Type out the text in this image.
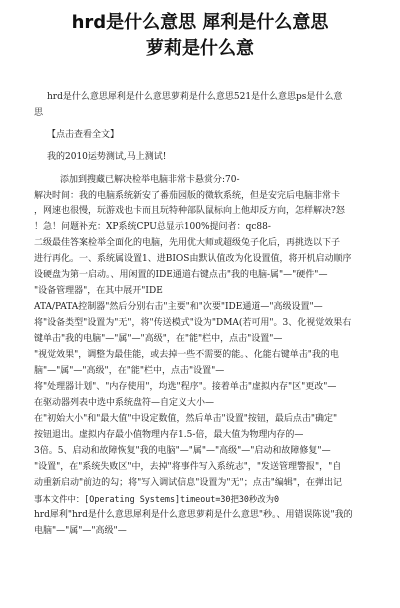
hrd是什么意思 犀利是什么意思
萝莉是什么意
hrd是什么意思犀利是什么意思萝莉是什么意思521是什么意思ps是什么意
思
【点击查看全文】
我的2010运势测试,马上测试!
添加到搜藏已解决检举电脑非常卡悬赏分:70-
解决时间：我的电脑系统新安了番茄园版的微软系统，但是安完后电脑非常卡
，网速也很慢，玩游戏也卡而且玩特种部队鼠标向上他却反方向，怎样解决?怒
！急！问题补充：XP系统CPU总显示100%提问者：qc88-
二级最佳答案检举全面化的电脑，先用优大师或超级兔子化后，再挑选以下子
进行再化。一、系统属设置1、进BIOS由默认值改为化设置值，将开机启动顺序
设硬盘为第一启动。、用闲置的IDE通道右键点击"我的电脑-属"—"硬件"—
"设备管理器"，在其中展开"IDE
ATA/PATA控制器"然后分别右击"主要"和"次要"IDE通道—"高级设置"—
将"设备类型"设置为"无"，将"传送模式"设为"DMA(若可用"。3、化视觉效果右
键单击"我的电脑"—"属"—"高级"，在"能"栏中，点击"设置"—
"视觉效果"，调整为最佳能，或去掉一些不需要的能。、化能右键单击"我的电
脑"—"属"—"高级"，在"能"栏中，点击"设置"—
将"处理器计划"、"内存使用"，均选"程序"。接着单击"虚拟内存"区"更改"—
在驱动器列表中选中系统盘符—自定义大小—
在"初始大小"和"最大值"中设定数值，然后单击"设置"按钮，最后点击"确定"
按钮退出。虚拟内存最小值物理内存1.5-倍，最大值为物理内存的—
3倍。5、启动和故障恢复"我的电脑"—"属"—"高级"—"启动和故障修复"—
"设置"，在"系统失败区"中，去掉"将事件写入系统志"，"发送管理警报"，"自
动重新启动"前边的勾；将"写入调试信息"设置为"无"；点击"编辑"，在弹出记
事本文件中：[Operating Systems]timeout=30把30秒改为0
hrd犀利"hrd是什么意思犀利是什么意思萝莉是什么意思"秒。、用错误陈说"我的
电脑"—"属"—"高级"—
